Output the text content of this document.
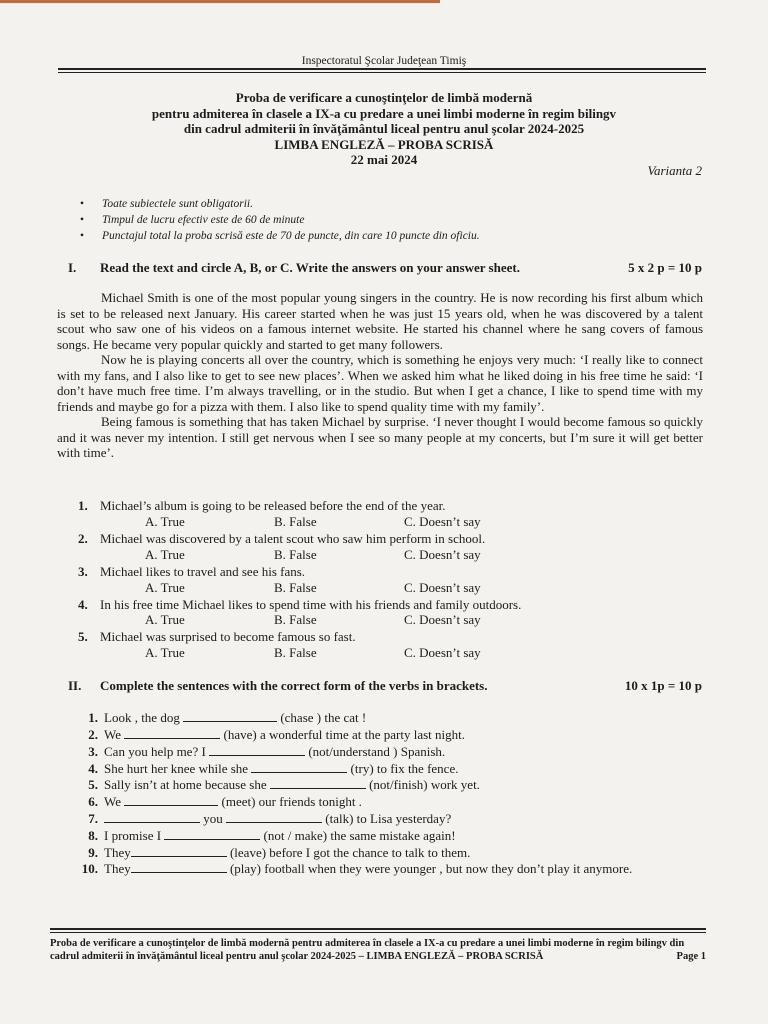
Inspectoratul Şcolar Judeţean Timiş
Proba de verificare a cunoştinţelor de limbă modernă
pentru admiterea în clasele a IX-a cu predare a unei limbi moderne în regim bilingv
din cadrul admiterii în învăţământul liceal pentru anul şcolar 2024-2025
LIMBA ENGLEZĂ – PROBA SCRISĂ
22 mai 2024
Varianta 2
• Toate subiectele sunt obligatorii.
• Timpul de lucru efectiv este de 60 de minute
• Punctajul total la proba scrisă este de 70 de puncte, din care 10 puncte din oficiu.
I. Read the text and circle A, B, or C. Write the answers on your answer sheet.	5 x 2 p = 10 p

Michael Smith is one of the most popular young singers in the country. He is now recording his first album which is set to be released next January. His career started when he was just 15 years old, when he was discovered by a talent scout who saw one of his videos on a famous internet website. He started his channel where he sang covers of famous songs. He became very popular quickly and started to get many followers.

Now he is playing concerts all over the country, which is something he enjoys very much: ‘I really like to connect with my fans, and I also like to get to see new places’. When we asked him what he liked doing in his free time he said: ‘I don’t have much free time. I’m always travelling, or in the studio. But when I get a chance, I like to spend time with my friends and maybe go for a pizza with them. I also like to spend quality time with my family’.

Being famous is something that has taken Michael by surprise. ‘I never thought I would become famous so quickly and it was never my intention. I still get nervous when I see so many people at my concerts, but I’m sure it will get better with time’.

1. Michael’s album is going to be released before the end of the year.
A. True	B. False	C. Doesn’t say
2. Michael was discovered by a talent scout who saw him perform in school.
A. True	B. False	C. Doesn’t say
3. Michael likes to travel and see his fans.
A. True	B. False	C. Doesn’t say
4. In his free time Michael likes to spend time with his friends and family outdoors.
A. True	B. False	C. Doesn’t say
5. Michael was surprised to become famous so fast.
A. True	B. False	C. Doesn’t say
II. Complete the sentences with the correct form of the verbs in brackets.	10 x 1p = 10 p
1. Look , the dog	(chase ) the cat !
2. We	(have) a wonderful time at the party last night.
3. Can you help me? I	(not/understand ) Spanish.
4. She hurt her knee while she	(try) to fix the fence.
5. Sally isn’t at home because she	(not/finish) work yet.
6. We	(meet) our friends tonight .
7.	you	(talk) to Lisa yesterday?
8. I promise I	(not / make) the same mistake again!
9. They	(leave) before I got the chance to talk to them.
10. They	(play) football when they were younger , but now they don’t play it anymore.
Proba de verificare a cunoştinţelor de limbă modernă pentru admiterea în clasele a IX-a cu predare a unei limbi moderne în regim bilingv din cadrul admiterii în învăţământul liceal pentru anul şcolar 2024-2025 – LIMBA ENGLEZĂ – PROBA SCRISĂ	Page 1
